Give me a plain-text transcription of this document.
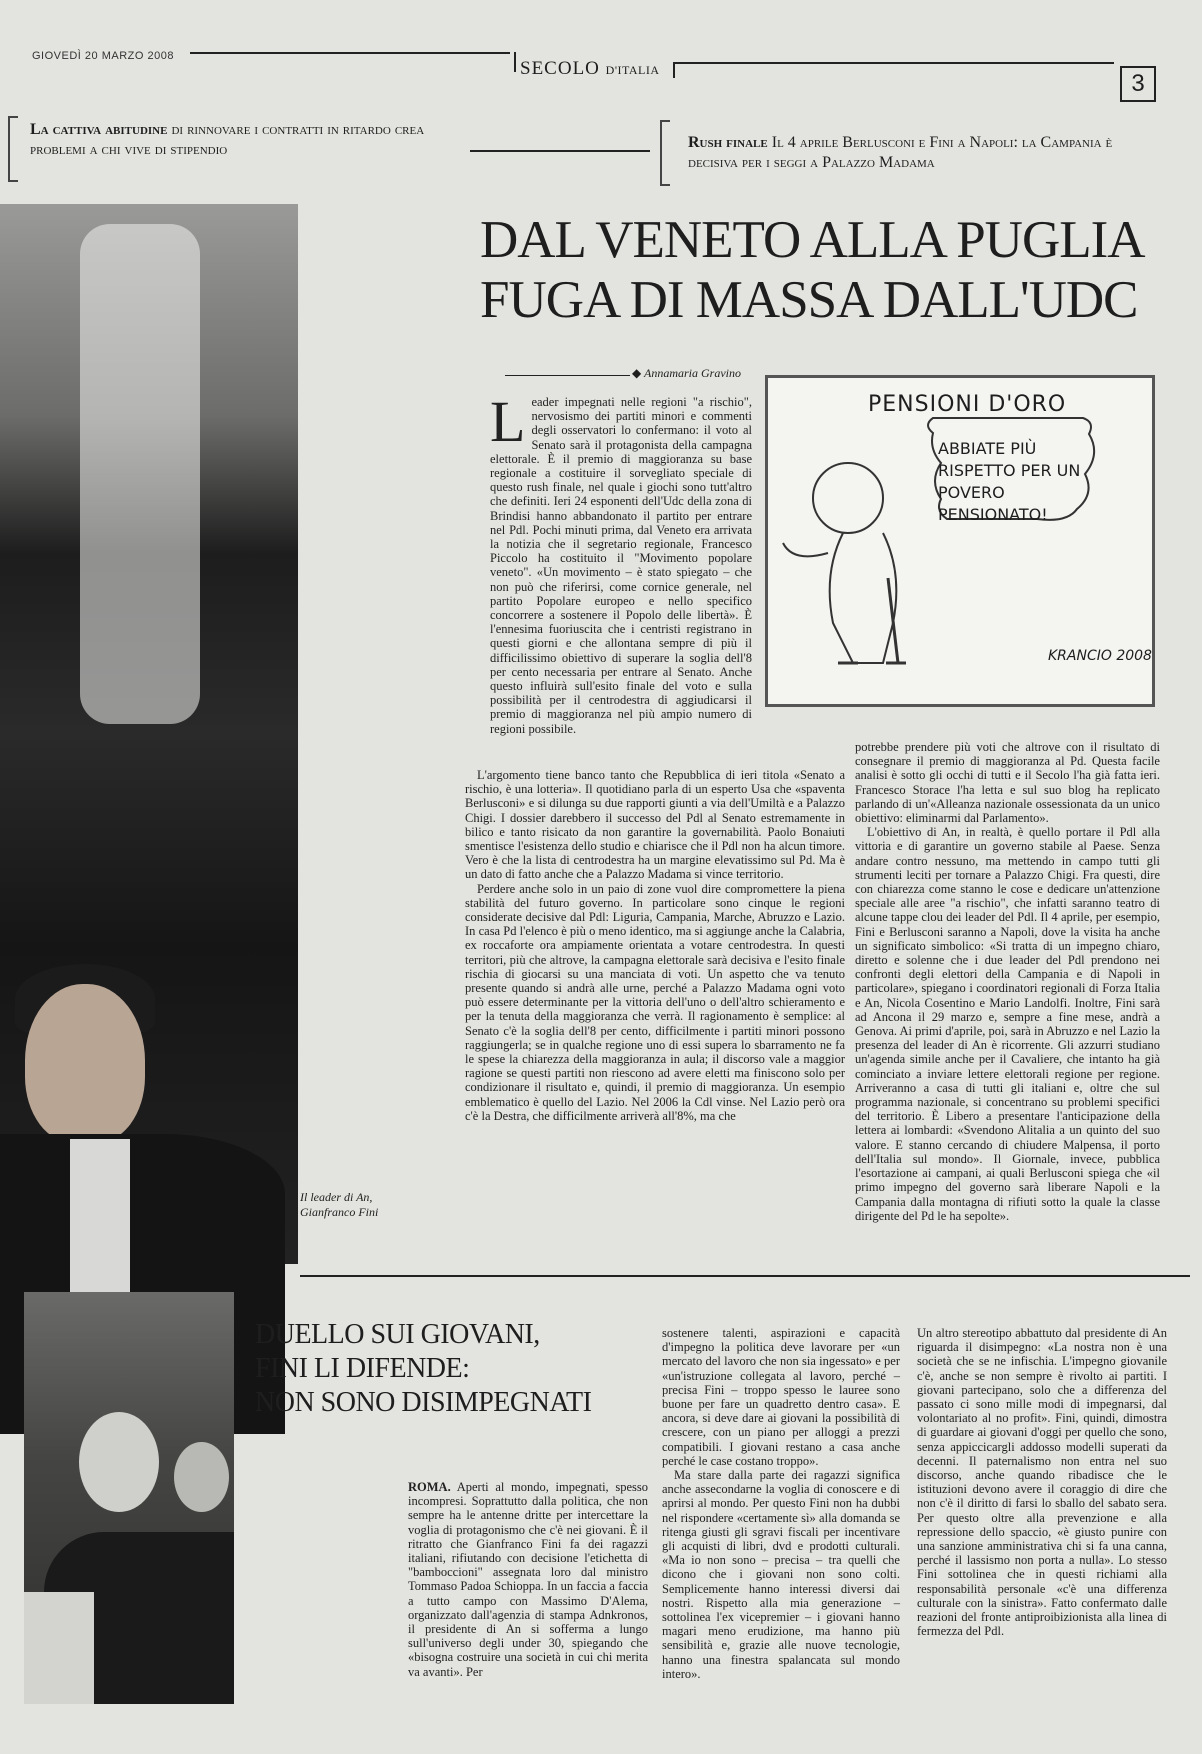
GIOVEDÌ 20 MARZO 2008
SECOLO D'ITALIA	3
La cattiva abitudine di rinnovare i contratti in ritardo crea problemi a chi vive di stipendio	Rush finale Il 4 aprile Berlusconi e Fini a Napoli: la Campania è decisiva per i seggi a Palazzo Madama
Il leader di An, Gianfranco Fini
DAL VENETO ALLA PUGLIA
FUGA DI MASSA DALL'UDC
◆ Annamaria Gravino
PENSIONI D'ORO
ABBIATE PIÙ RISPETTO PER UN POVERO PENSIONATO!
KRANCIO 2008

L eader impegnati nelle regioni "a rischio", nervosismo dei partiti minori e commenti degli osservatori lo confermano: il voto al Senato sarà il protagonista della campagna elettorale. È il premio di maggioranza su base regionale a costituire il sorvegliato speciale di questo rush finale, nel quale i giochi sono tutt'altro che definiti. Ieri 24 esponenti dell'Udc della zona di Brindisi hanno abbandonato il partito per entrare nel Pdl. Pochi minuti prima, dal Veneto era arrivata la notizia che il segretario regionale, Francesco Piccolo ha costituito il "Movimento popolare veneto". «Un movimento – è stato spiegato – che non può che riferirsi, come cornice generale, nel partito Popolare europeo e nello specifico concorrere a sostenere il Popolo delle libertà». È l'ennesima fuoriuscita che i centristi registrano in questi giorni e che allontana sempre di più il difficilissimo obiettivo di superare la soglia dell'8 per cento necessaria per entrare al Senato. Anche questo influirà sull'esito finale del voto e sulla possibilità per il centrodestra di aggiudicarsi il premio di maggioranza nel più ampio numero di regioni possibile.

L'argomento tiene banco tanto che Repubblica di ieri titola «Senato a rischio, è una lotteria». Il quotidiano parla di un esperto Usa che «spaventa Berlusconi» e si dilunga su due rapporti giunti a via dell'Umiltà e a Palazzo Chigi. I dossier darebbero il successo del Pdl al Senato estremamente in bilico e tanto risicato da non garantire la governabilità. Paolo Bonaiuti smentisce l'esistenza dello studio e chiarisce che il Pdl non ha alcun timore. Vero è che la lista di centrodestra ha un margine elevatissimo sul Pd. Ma è un dato di fatto anche che a Palazzo Madama si vince territorio.

Perdere anche solo in un paio di zone vuol dire compromettere la piena stabilità del futuro governo. In particolare sono cinque le regioni considerate decisive dal Pdl: Liguria, Campania, Marche, Abruzzo e Lazio. In casa Pd l'elenco è più o meno identico, ma si aggiunge anche la Calabria, ex roccaforte ora ampiamente orientata a votare centrodestra. In questi territori, più che altrove, la campagna elettorale sarà decisiva e l'esito finale rischia di giocarsi su una manciata di voti. Un aspetto che va tenuto presente quando si andrà alle urne, perché a Palazzo Madama ogni voto può essere determinante per la vittoria dell'uno o dell'altro schieramento e per la tenuta della maggioranza che verrà. Il ragionamento è semplice: al Senato c'è la soglia dell'8 per cento, difficilmente i partiti minori possono raggiungerla; se in qualche regione uno di essi supera lo sbarramento ne fa le spese la chiarezza della maggioranza in aula; il discorso vale a maggior ragione se questi partiti non riescono ad avere eletti ma finiscono solo per condizionare il risultato e, quindi, il premio di maggioranza. Un esempio emblematico è quello del Lazio. Nel 2006 la Cdl vinse. Nel Lazio però ora c'è la Destra, che difficilmente arriverà all'8%, ma che

potrebbe prendere più voti che altrove con il risultato di consegnare il premio di maggioranza al Pd. Questa facile analisi è sotto gli occhi di tutti e il Secolo l'ha già fatta ieri. Francesco Storace l'ha letta e sul suo blog ha replicato parlando di un'«Alleanza nazionale ossessionata da un unico obiettivo: eliminarmi dal Parlamento».

L'obiettivo di An, in realtà, è quello portare il Pdl alla vittoria e di garantire un governo stabile al Paese. Senza andare contro nessuno, ma mettendo in campo tutti gli strumenti leciti per tornare a Palazzo Chigi. Fra questi, dire con chiarezza come stanno le cose e dedicare un'attenzione speciale alle aree "a rischio", che infatti saranno teatro di alcune tappe clou dei leader del Pdl. Il 4 aprile, per esempio, Fini e Berlusconi saranno a Napoli, dove la visita ha anche un significato simbolico: «Si tratta di un impegno chiaro, diretto e solenne che i due leader del Pdl prendono nei confronti degli elettori della Campania e di Napoli in particolare», spiegano i coordinatori regionali di Forza Italia e An, Nicola Cosentino e Mario Landolfi. Inoltre, Fini sarà ad Ancona il 29 marzo e, sempre a fine mese, andrà a Genova. Ai primi d'aprile, poi, sarà in Abruzzo e nel Lazio la presenza del leader di An è ricorrente. Gli azzurri studiano un'agenda simile anche per il Cavaliere, che intanto ha già cominciato a inviare lettere elettorali regione per regione. Arriveranno a casa di tutti gli italiani e, oltre che sul programma nazionale, si concentrano su problemi specifici del territorio. È Libero a presentare l'anticipazione della lettera ai lombardi: «Svendono Alitalia a un quinto del suo valore. E stanno cercando di chiudere Malpensa, il porto dell'Italia sul mondo». Il Giornale, invece, pubblica l'esortazione ai campani, ai quali Berlusconi spiega che «il primo impegno del governo sarà liberare Napoli e la Campania dalla montagna di rifiuti sotto la quale la classe dirigente del Pd le ha sepolte».

DUELLO SUI GIOVANI,
FINI LI DIFENDE:
NON SONO DISIMPEGNATI

ROMA. Aperti al mondo, impegnati, spesso incompresi. Soprattutto dalla politica, che non sempre ha le antenne dritte per intercettare la voglia di protagonismo che c'è nei giovani. È il ritratto che Gianfranco Fini fa dei ragazzi italiani, rifiutando con decisione l'etichetta di "bamboccioni" assegnata loro dal ministro Tommaso Padoa Schioppa. In un faccia a faccia a tutto campo con Massimo D'Alema, organizzato dall'agenzia di stampa Adnkronos, il presidente di An si sofferma a lungo sull'universo degli under 30, spiegando che «bisogna costruire una società in cui chi merita va avanti». Per

sostenere talenti, aspirazioni e capacità d'impegno la politica deve lavorare per «un mercato del lavoro che non sia ingessato» e per «un'istruzione collegata al lavoro, perché – precisa Fini – troppo spesso le lauree sono buone per fare un quadretto dentro casa». E ancora, si deve dare ai giovani la possibilità di crescere, con un piano per alloggi a prezzi compatibili. I giovani restano a casa anche perché le case costano troppo».

Ma stare dalla parte dei ragazzi significa anche assecondarne la voglia di conoscere e di aprirsi al mondo. Per questo Fini non ha dubbi nel rispondere «certamente sì» alla domanda se ritenga giusti gli sgravi fiscali per incentivare gli acquisti di libri, dvd e prodotti culturali. «Ma io non sono – precisa – tra quelli che dicono che i giovani non sono colti. Semplicemente hanno interessi diversi dai nostri. Rispetto alla mia generazione – sottolinea l'ex vicepremier – i giovani hanno magari meno erudizione, ma hanno più sensibilità e, grazie alle nuove tecnologie, hanno una finestra spalancata sul mondo intero».

Un altro stereotipo abbattuto dal presidente di An riguarda il disimpegno: «La nostra non è una società che se ne infischia. L'impegno giovanile c'è, anche se non sempre è rivolto ai partiti. I giovani partecipano, solo che a differenza del passato ci sono mille modi di impegnarsi, dal volontariato al no profit». Fini, quindi, dimostra di guardare ai giovani d'oggi per quello che sono, senza appiccicargli addosso modelli superati da decenni. Il paternalismo non entra nel suo discorso, anche quando ribadisce che le istituzioni devono avere il coraggio di dire che non c'è il diritto di farsi lo sballo del sabato sera. Per questo oltre alla prevenzione e alla repressione dello spaccio, «è giusto punire con una sanzione amministrativa chi si fa una canna, perché il lassismo non porta a nulla». Lo stesso Fini sottolinea che in questi richiami alla responsabilità personale «c'è una differenza culturale con la sinistra». Fatto confermato dalle reazioni del fronte antiproibizionista alla linea di fermezza del Pdl.
